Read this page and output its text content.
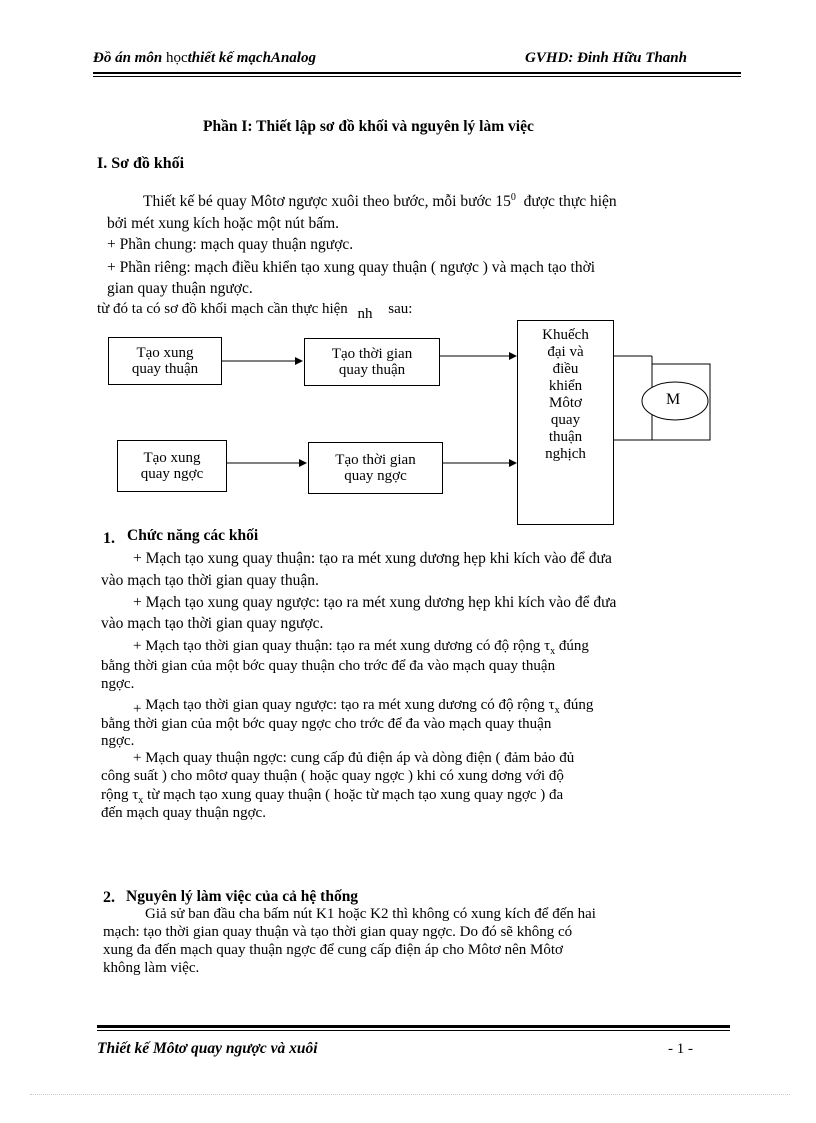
Đồ án môn họcthiết kế mạchAnalog	GVHD: Đinh Hữu Thanh
Phần I: Thiết lập sơ đồ khối và nguyên lý làm việc
I. Sơ đồ khối
Thiết kế bé quay Môtơ ngược xuôi theo bước, mỗi bước $15^0$ được thực hiện
bởi mét xung kích hoặc một nút bấm.
+ Phần chung: mạch quay thuận ngược.
+ Phần riêng: mạch điều khiển tạo xung quay thuận ( ngược ) và mạch tạo thời
gian quay thuận ngược.
từ đó ta có sơ đồ khối mạch cần thực hiện nh sau:
Tạo xung
quay thuận
Tạo thời gian
quay thuận
Tạo xung
quay ngợc
Tạo thời gian
quay ngợc
Khuếch
đại và
điều
khiển
Môtơ
quay
thuận
nghịch
M
1. Chức năng các khối
+ Mạch tạo xung quay thuận: tạo ra mét xung dương hẹp khi kích vào để đưa
vào mạch tạo thời gian quay thuận.
+ Mạch tạo xung quay ngược: tạo ra mét xung dương hẹp khi kích vào để đưa
vào mạch tạo thời gian quay ngược.
+ Mạch tạo thời gian quay thuận: tạo ra mét xung dương có độ rộng $\tau_x$ đúng
bằng thời gian của một bớc quay thuận cho trớc để đa vào mạch quay thuận
ngợc.
+ Mạch tạo thời gian quay ngược: tạo ra mét xung dương có độ rộng $\tau_x$ đúng
bằng thời gian của một bớc quay ngợc cho trớc để đa vào mạch quay thuận
ngợc.
+ Mạch quay thuận ngợc: cung cấp đủ điện áp và dòng điện ( đảm bảo đủ
công suất ) cho môtơ quay thuận ( hoặc quay ngợc ) khi có xung dơng với độ
rộng $\tau_x$ từ mạch tạo xung quay thuận ( hoặc từ mạch tạo xung quay ngợc ) đa
đến mạch quay thuận ngợc.
2. Nguyên lý làm việc của cả hệ thống
Giả sử ban đầu cha bấm nút K1 hoặc K2 thì không có xung kích để đến hai
mạch: tạo thời gian quay thuận và tạo thời gian quay ngợc. Do đó sẽ không có
xung đa đến mạch quay thuận ngợc để cung cấp điện áp cho Môtơ nên Môtơ
không làm việc.
Thiết kế Môtơ quay ngược và xuôi	- 1 -
